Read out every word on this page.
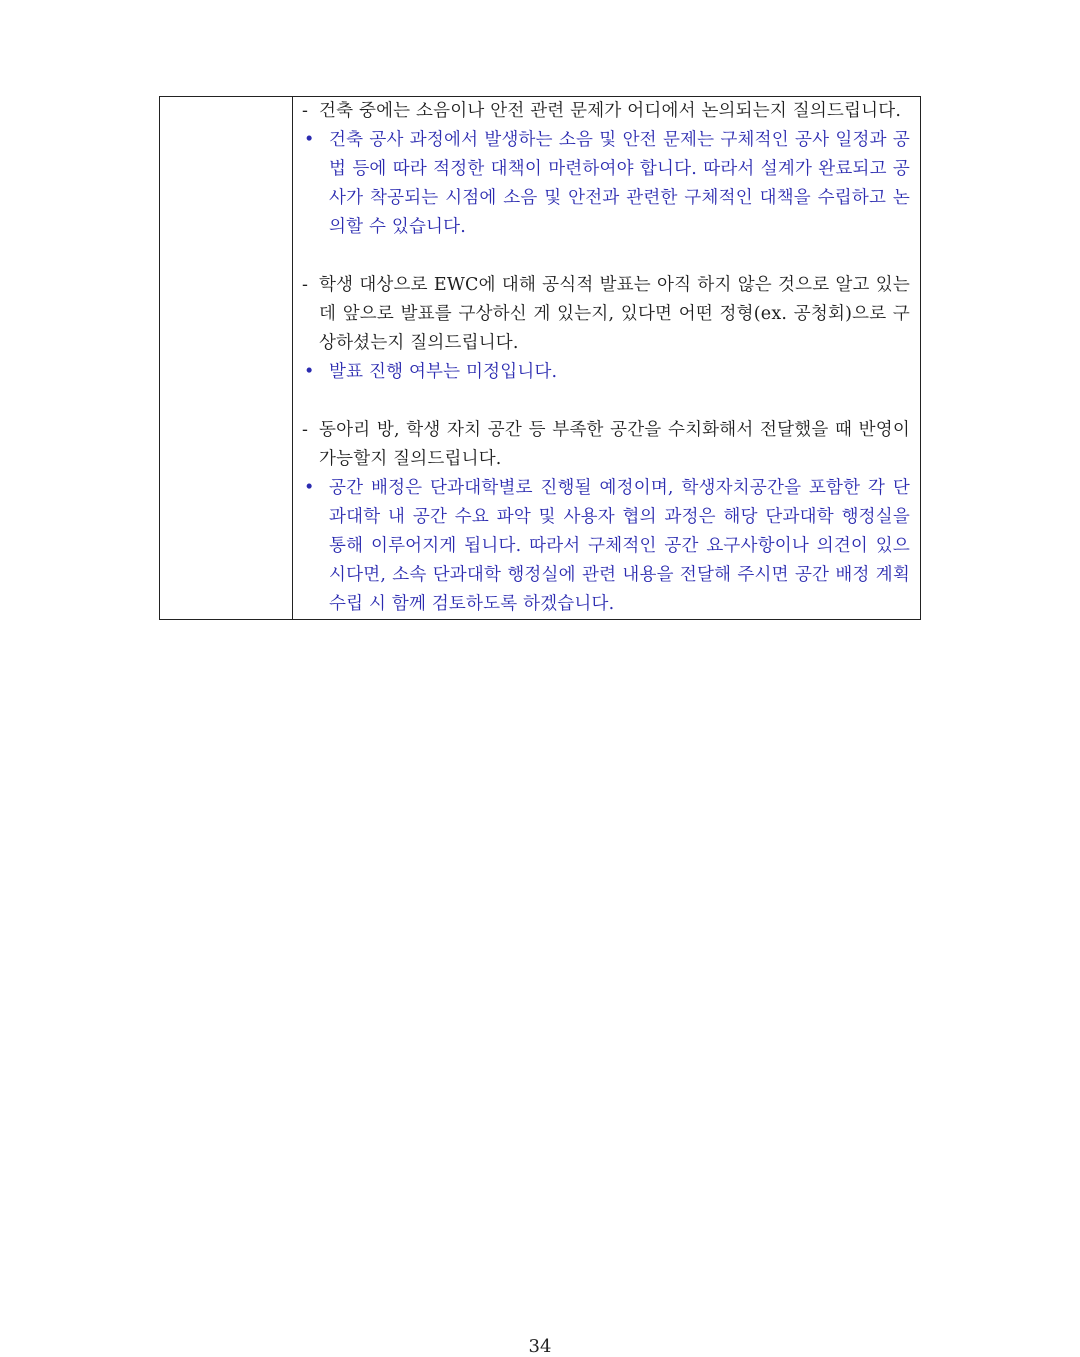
- 건축 중에는 소음이나 안전 관련 문제가 어디에서 논의되는지 질의드립니다.

• 건축 공사 과정에서 발생하는 소음 및 안전 문제는 구체적인 공사 일정과 공법 등에 따라 적정한 대책이 마련하여야 합니다. 따라서 설계가 완료되고 공사가 착공되는 시점에 소음 및 안전과 관련한 구체적인 대책을 수립하고 논의할 수 있습니다.

- 학생 대상으로 EWC에 대해 공식적 발표는 아직 하지 않은 것으로 알고 있는데 앞으로 발표를 구상하신 게 있는지, 있다면 어떤 정형(ex. 공청회)으로 구상하셨는지 질의드립니다.

• 발표 진행 여부는 미정입니다.

- 동아리 방, 학생 자치 공간 등 부족한 공간을 수치화해서 전달했을 때 반영이 가능할지 질의드립니다.

• 공간 배정은 단과대학별로 진행될 예정이며, 학생자치공간을 포함한 각 단과대학 내 공간 수요 파악 및 사용자 협의 과정은 해당 단과대학 행정실을 통해 이루어지게 됩니다. 따라서 구체적인 공간 요구사항이나 의견이 있으시다면, 소속 단과대학 행정실에 관련 내용을 전달해 주시면 공간 배정 계획 수립 시 함께 검토하도록 하겠습니다.

34
